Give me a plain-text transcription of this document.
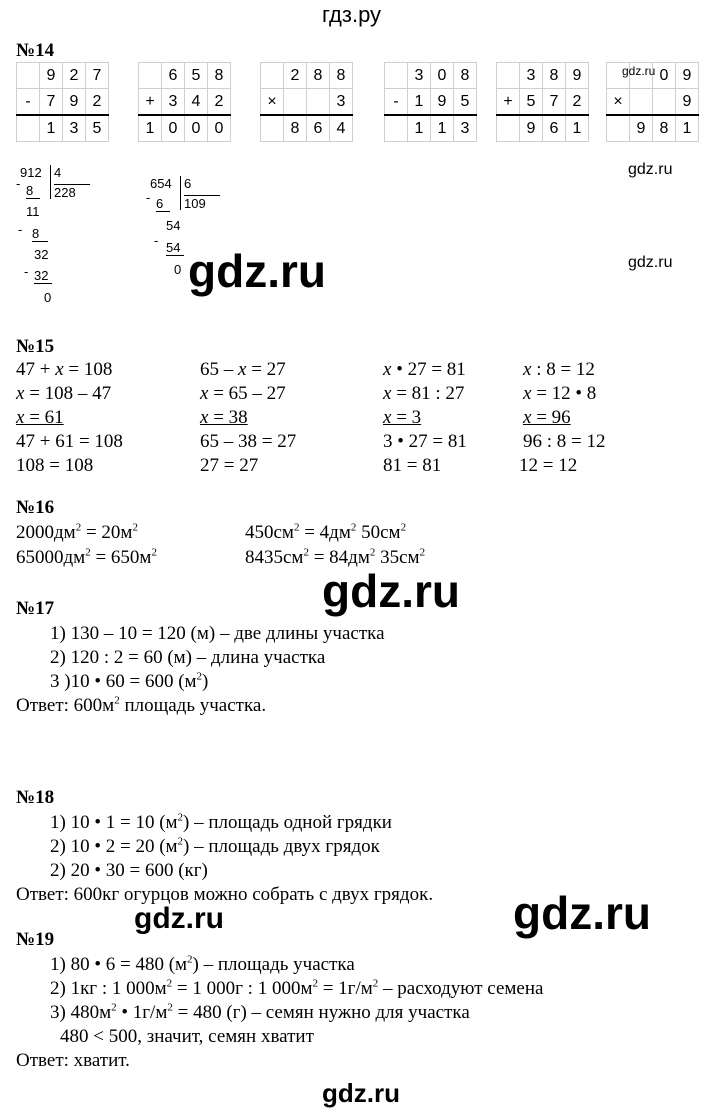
гдз.ру
№14
	9	2	7
-	7	9	2
	1	3	5
	6	5	8
+	3	4	2
1	0	0	0
	2	8	8
×			3
	8	6	4
	3	0	8
-	1	9	5
	1	1	3
	3	8	9
+	5	7	2
	9	6	1
		0	9
×			9
	9	8	1
gdz.ru
912 4
228
- 8
11
- 8
32
- 32
0
654 6
109
- 6
54
- 54
0 gdz.ru
gdz.ru
gdz.ru
№15
47 + x = 108
x = 108 – 47
x = 61
47 + 61 = 108
108 = 108
65 – x = 27
x = 65 – 27
x = 38
65 – 38 = 27
27 = 27
x • 27 = 81
x = 81 : 27
x = 3
3 • 27 = 81
81 = 81
x : 8 = 12
x = 12 • 8
x = 96
96 : 8 = 12
12 = 12
№16
$2000дм^2 = 20м^2$
$65000дм^2 = 650м^2$
$450см^2 = 4дм^2$ $50см^2$
$8435см^2 = 84дм^2$ $35см^2$
gdz.ru
№17
1) 130 – 10 = 120 (м) – две длины участка
2) 120 : 2 = 60 (м) – длина участка
3 )10 • 60 = 600 $(м^2)$
Ответ: $600м^2$ площадь участка.
№18
1) 10 • 1 = 10 $(м^2)$ – площадь одной грядки
2) 10 • 2 = 20 $(м^2)$ – площадь двух грядок
2) 20 • 30 = 600 (кг)
Ответ: 600кг огурцов можно собрать с двух грядок.
gdz.ru	gdz.ru
№19
1) 80 • 6 = 480 $(м^2)$ – площадь участка
2) 1кг : 1 $000м^2 = 1$ 000г : 1 $000м^2 = 1г/м^2$ – расходуют семена
3) $480м^2$ • $1г/м^2 = 480$ (г) – семян нужно для участка
480 < 500, значит, семян хватит
Ответ: хватит.
gdz.ru
